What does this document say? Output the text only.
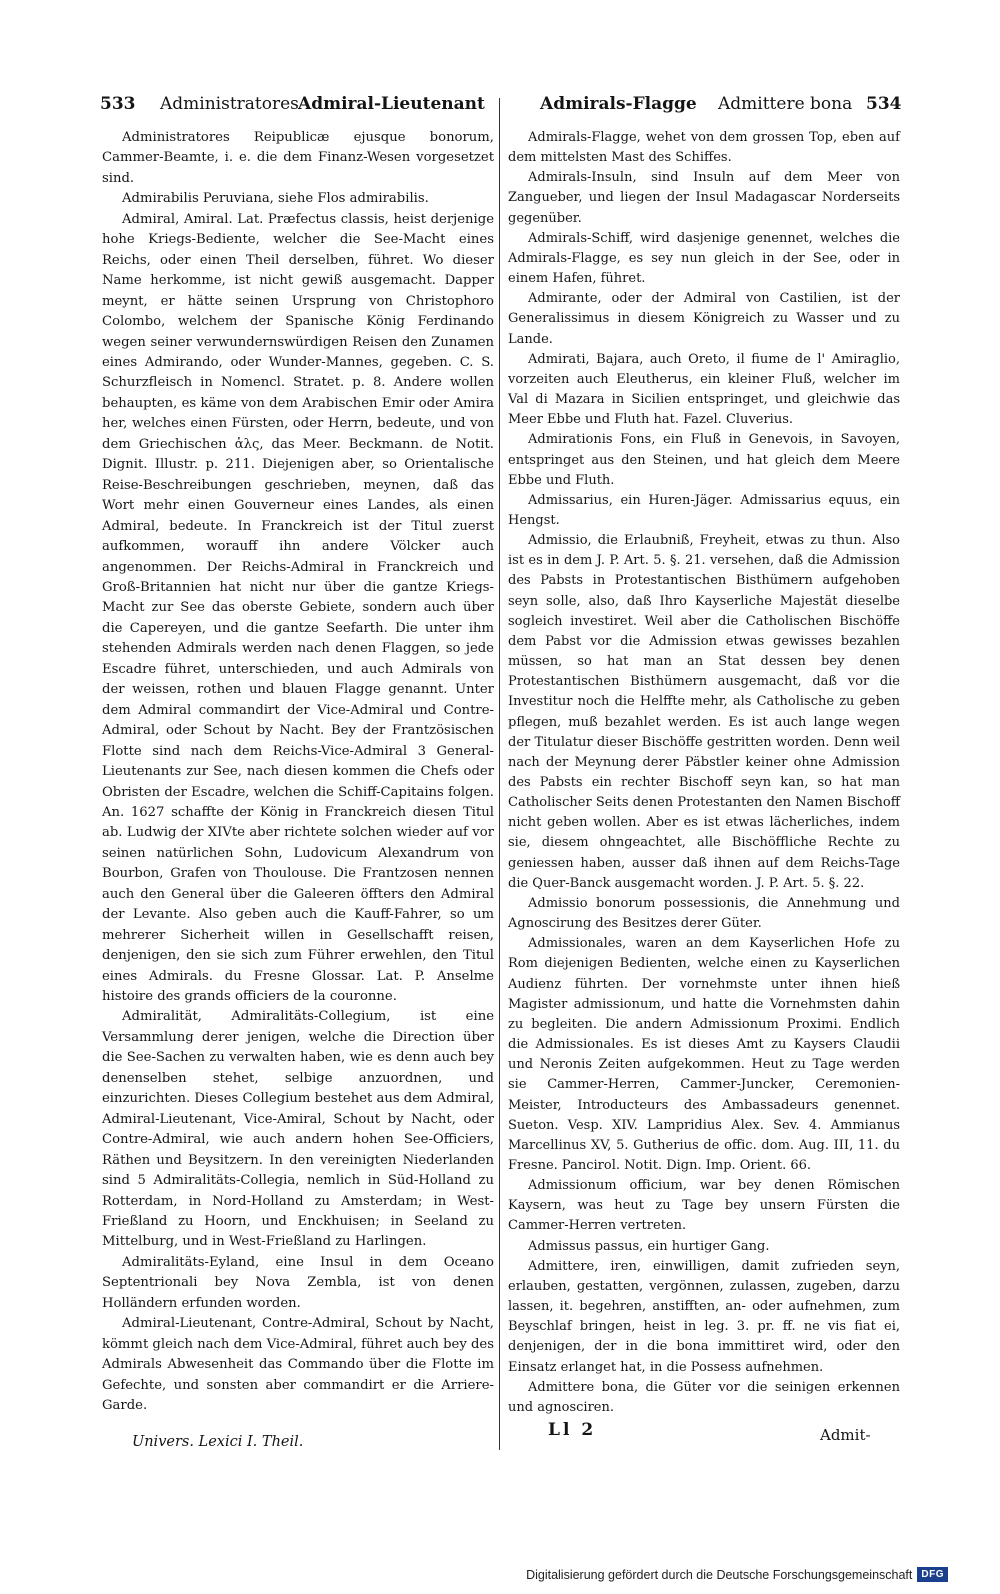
533 Administratores Admiral-Lieutenant	Admirals-Flagge Admittere bona 534

Administratores Reipublicæ ejusque bonorum, Cammer-Beamte, i. e. die dem Finanz-Wesen vorgesetzet sind.

Admirabilis Peruviana, siehe Flos admirabilis.

Admiral, Amiral. Lat. Præfectus classis, heist derjenige hohe Kriegs-Bediente, welcher die See-Macht eines Reichs, oder einen Theil derselben, führet. Wo dieser Name herkomme, ist nicht gewiß ausgemacht. Dapper meynt, er hätte seinen Ursprung von Christophoro Colombo, welchem der Spanische König Ferdinando wegen seiner verwundernswürdigen Reisen den Zunamen eines Admirando, oder Wunder-Mannes, gegeben. C. S. Schurzfleisch in Nomencl. Stratet. p. 8. Andere wollen behaupten, es käme von dem Arabischen Emir oder Amira her, welches einen Fürsten, oder Herrn, bedeute, und von dem Griechischen ἁλς, das Meer. Beckmann. de Notit. Dignit. Illustr. p. 211. Diejenigen aber, so Orientalische Reise-Beschreibungen geschrieben, meynen, daß das Wort mehr einen Gouverneur eines Landes, als einen Admiral, bedeute. In Franckreich ist der Titul zuerst aufkommen, worauff ihn andere Völcker auch angenommen. Der Reichs-Admiral in Franckreich und Groß-Britannien hat nicht nur über die gantze Kriegs-Macht zur See das oberste Gebiete, sondern auch über die Capereyen, und die gantze Seefarth. Die unter ihm stehenden Admirals werden nach denen Flaggen, so jede Escadre führet, unterschieden, und auch Admirals von der weissen, rothen und blauen Flagge genannt. Unter dem Admiral commandirt der Vice-Admiral und Contre-Admiral, oder Schout by Nacht. Bey der Frantzösischen Flotte sind nach dem Reichs-Vice-Admiral 3 General-Lieutenants zur See, nach diesen kommen die Chefs oder Obristen der Escadre, welchen die Schiff-Capitains folgen. An. 1627 schaffte der König in Franckreich diesen Titul ab. Ludwig der XIVte aber richtete solchen wieder auf vor seinen natürlichen Sohn, Ludovicum Alexandrum von Bourbon, Grafen von Thoulouse. Die Frantzosen nennen auch den General über die Galeeren öffters den Admiral der Levante. Also geben auch die Kauff-Fahrer, so um mehrerer Sicherheit willen in Gesellschafft reisen, denjenigen, den sie sich zum Führer erwehlen, den Titul eines Admirals. du Fresne Glossar. Lat. P. Anselme histoire des grands officiers de la couronne.

Admiralität, Admiralitäts-Collegium, ist eine Versammlung derer jenigen, welche die Direction über die See-Sachen zu verwalten haben, wie es denn auch bey denenselben stehet, selbige anzuordnen, und einzurichten. Dieses Collegium bestehet aus dem Admiral, Admiral-Lieutenant, Vice-Amiral, Schout by Nacht, oder Contre-Admiral, wie auch andern hohen See-Officiers, Räthen und Beysitzern. In den vereinigten Niederlanden sind 5 Admiralitäts-Collegia, nemlich in Süd-Holland zu Rotterdam, in Nord-Holland zu Amsterdam; in West-Frießland zu Hoorn, und Enckhuisen; in Seeland zu Mittelburg, und in West-Frießland zu Harlingen.

Admiralitäts-Eyland, eine Insul in dem Oceano Septentrionali bey Nova Zembla, ist von denen Holländern erfunden worden.

Admiral-Lieutenant, Contre-Admiral, Schout by Nacht, kömmt gleich nach dem Vice-Admiral, führet auch bey des Admirals Abwesenheit das Commando über die Flotte im Gefechte, und sonsten aber commandirt er die Arriere-Garde.

Univers. Lexici I. Theil.

Admirals-Flagge, wehet von dem grossen Top, eben auf dem mittelsten Mast des Schiffes.

Admirals-Insuln, sind Insuln auf dem Meer von Zangueber, und liegen der Insul Madagascar Norderseits gegenüber.

Admirals-Schiff, wird dasjenige genennet, welches die Admirals-Flagge, es sey nun gleich in der See, oder in einem Hafen, führet.

Admirante, oder der Admiral von Castilien, ist der Generalissimus in diesem Königreich zu Wasser und zu Lande.

Admirati, Bajara, auch Oreto, il fiume de l' Amiraglio, vorzeiten auch Eleutherus, ein kleiner Fluß, welcher im Val di Mazara in Sicilien entspringet, und gleichwie das Meer Ebbe und Fluth hat. Fazel. Cluverius.

Admirationis Fons, ein Fluß in Genevois, in Savoyen, entspringet aus den Steinen, und hat gleich dem Meere Ebbe und Fluth.

Admissarius, ein Huren-Jäger. Admissarius equus, ein Hengst.

Admissio, die Erlaubniß, Freyheit, etwas zu thun. Also ist es in dem J. P. Art. 5. §. 21. versehen, daß die Admission des Pabsts in Protestantischen Bisthümern aufgehoben seyn solle, also, daß Ihro Kayserliche Majestät dieselbe sogleich investiret. Weil aber die Catholischen Bischöffe dem Pabst vor die Admission etwas gewisses bezahlen müssen, so hat man an Stat dessen bey denen Protestantischen Bisthümern ausgemacht, daß vor die Investitur noch die Helffte mehr, als Catholische zu geben pflegen, muß bezahlet werden. Es ist auch lange wegen der Titulatur dieser Bischöffe gestritten worden. Denn weil nach der Meynung derer Päbstler keiner ohne Admission des Pabsts ein rechter Bischoff seyn kan, so hat man Catholischer Seits denen Protestanten den Namen Bischoff nicht geben wollen. Aber es ist etwas lächerliches, indem sie, diesem ohngeachtet, alle Bischöffliche Rechte zu geniessen haben, ausser daß ihnen auf dem Reichs-Tage die Quer-Banck ausgemacht worden. J. P. Art. 5. §. 22.

Admissio bonorum possessionis, die Annehmung und Agnoscirung des Besitzes derer Güter.

Admissionales, waren an dem Kayserlichen Hofe zu Rom diejenigen Bedienten, welche einen zu Kayserlichen Audienz führten. Der vornehmste unter ihnen hieß Magister admissionum, und hatte die Vornehmsten dahin zu begleiten. Die andern Admissionum Proximi. Endlich die Admissionales. Es ist dieses Amt zu Kaysers Claudii und Neronis Zeiten aufgekommen. Heut zu Tage werden sie Cammer-Herren, Cammer-Juncker, Ceremonien-Meister, Introducteurs des Ambassadeurs genennet. Sueton. Vesp. XIV. Lampridius Alex. Sev. 4. Ammianus Marcellinus XV, 5. Gutherius de offic. dom. Aug. III, 11. du Fresne. Pancirol. Notit. Dign. Imp. Orient. 66.

Admissionum officium, war bey denen Römischen Kaysern, was heut zu Tage bey unsern Fürsten die Cammer-Herren vertreten.

Admissus passus, ein hurtiger Gang.

Admittere, iren, einwilligen, damit zufrieden seyn, erlauben, gestatten, vergönnen, zulassen, zugeben, darzu lassen, it. begehren, anstifften, an- oder aufnehmen, zum Beyschlaf bringen, heist in leg. 3. pr. ff. ne vis fiat ei, denjenigen, der in die bona immittiret wird, oder den Einsatz erlanget hat, in die Possess aufnehmen.

Admittere bona, die Güter vor die seinigen erkennen und agnosciren.

Ll 2	Admit-
Digitalisierung gefördert durch die Deutsche Forschungsgemeinschaft DFG
